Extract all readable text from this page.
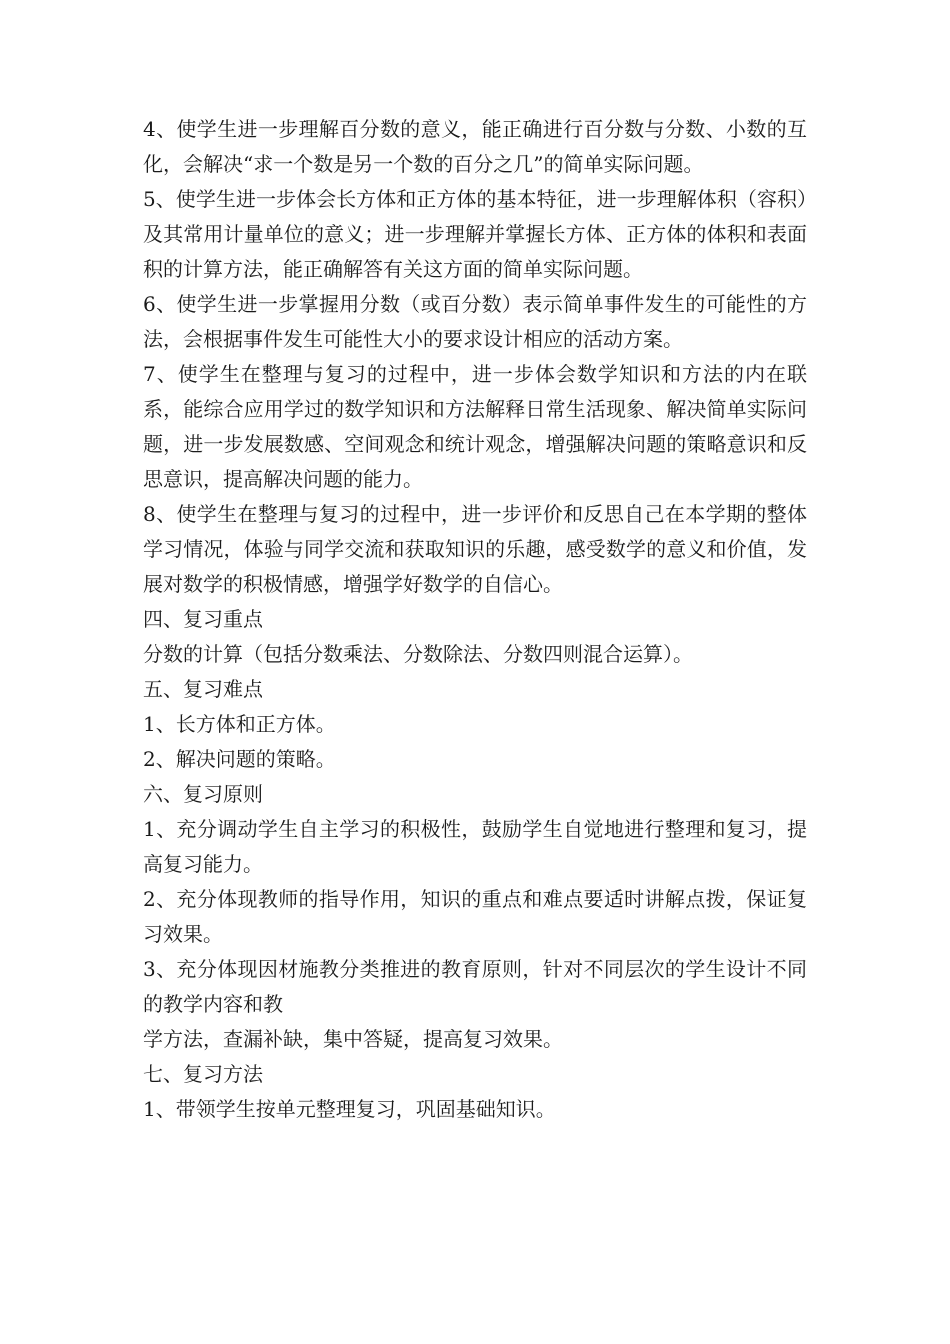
4、使学生进一步理解百分数的意义，能正确进行百分数与分数、小数的互化，会解决“求一个数是另一个数的百分之几”的简单实际问题。

5、使学生进一步体会长方体和正方体的基本特征，进一步理解体积（容积）及其常用计量单位的意义；进一步理解并掌握长方体、正方体的体积和表面积的计算方法，能正确解答有关这方面的简单实际问题。

6、使学生进一步掌握用分数（或百分数）表示简单事件发生的可能性的方法，会根据事件发生可能性大小的要求设计相应的活动方案。

7、使学生在整理与复习的过程中，进一步体会数学知识和方法的内在联系，能综合应用学过的数学知识和方法解释日常生活现象、解决简单实际问题，进一步发展数感、空间观念和统计观念，增强解决问题的策略意识和反思意识，提高解决问题的能力。

8、使学生在整理与复习的过程中，进一步评价和反思自己在本学期的整体学习情况，体验与同学交流和获取知识的乐趣，感受数学的意义和价值，发展对数学的积极情感，增强学好数学的自信心。

四、复习重点

分数的计算（包括分数乘法、分数除法、分数四则混合运算）。

五、复习难点

1、长方体和正方体。

2、解决问题的策略。

六、复习原则

1、充分调动学生自主学习的积极性，鼓励学生自觉地进行整理和复习，提高复习能力。

2、充分体现教师的指导作用，知识的重点和难点要适时讲解点拨，保证复习效果。

3、充分体现因材施教分类推进的教育原则，针对不同层次的学生设计不同的教学内容和教

学方法，查漏补缺，集中答疑，提高复习效果。

七、复习方法

1、带领学生按单元整理复习，巩固基础知识。
